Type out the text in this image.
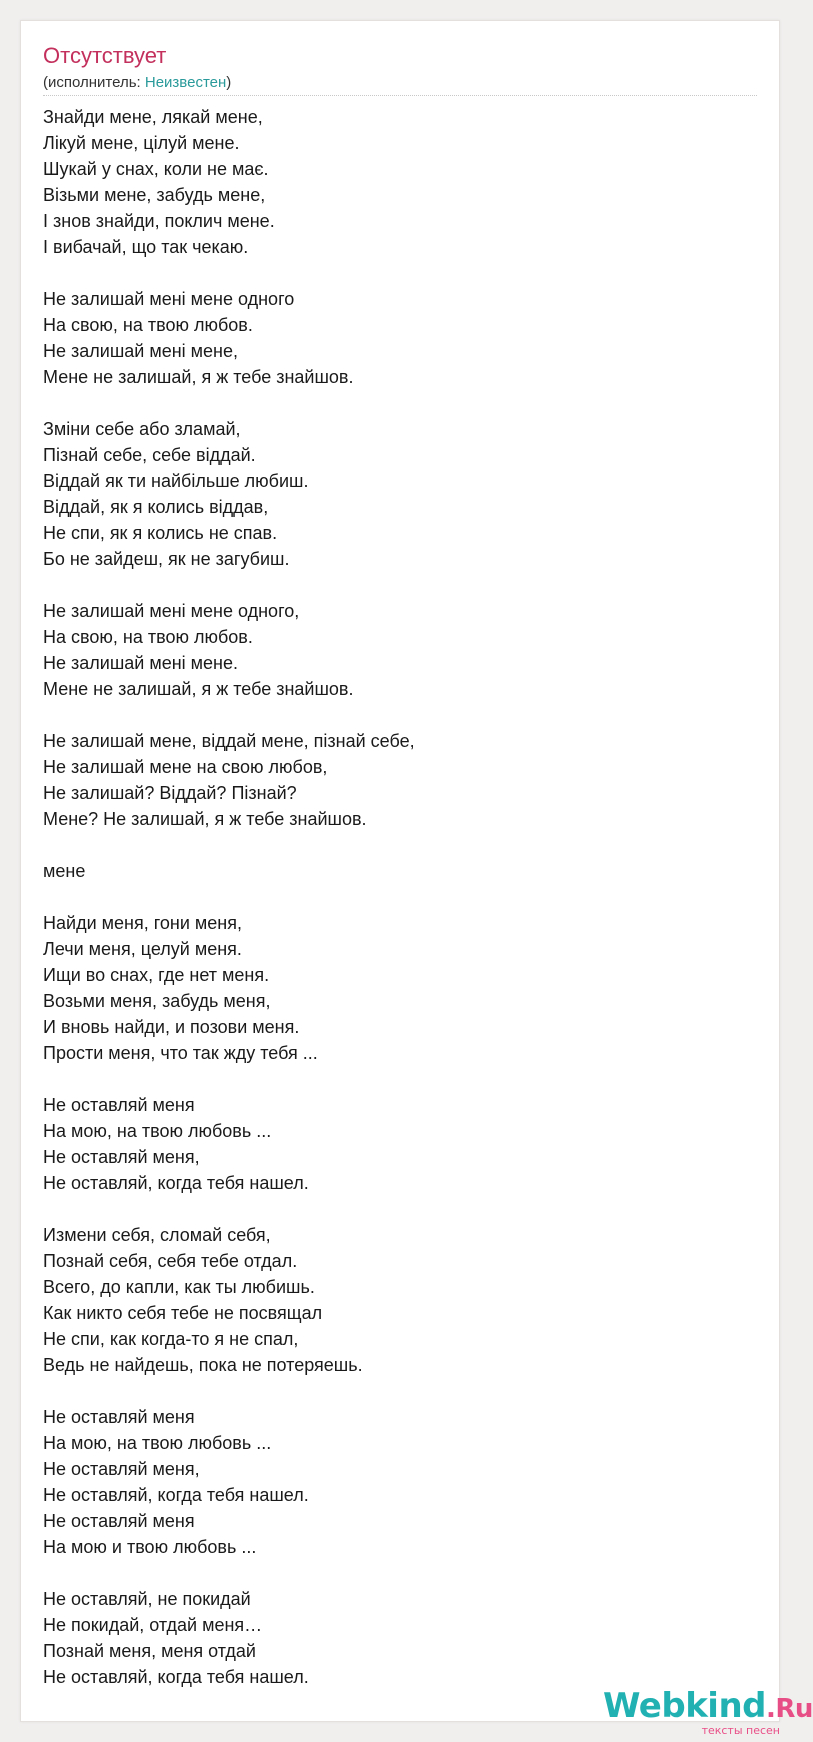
Отсутствует
(исполнитель: Неизвестен)
Знайди мене, лякай мене,
Лікуй мене, цілуй мене.
Шукай у снах, коли не має.
Візьми мене, забудь мене,
І знов знайди, поклич мене.
І вибачай, що так чекаю.
Не залишай мені мене одного
На свою, на твою любов.
Не залишай мені мене,
Мене не залишай, я ж тебе знайшов.
Зміни себе або зламай,
Пізнай себе, себе віддай.
Віддай як ти найбільше любиш.
Віддай, як я колись віддав,
Не спи, як я колись не спав.
Бо не зайдеш, як не загубиш.
Не залишай мені мене одного,
На свою, на твою любов.
Не залишай мені мене.
Мене не залишай, я ж тебе знайшов.
Не залишай мене, віддай мене, пізнай себе,
Не залишай мене на свою любов,
Не залишай? Віддай? Пізнай?
Мене? Не залишай, я ж тебе знайшов.
мене
Найди меня, гони меня,
Лечи меня, целуй меня.
Ищи во снах, где нет меня.
Возьми меня, забудь меня,
И вновь найди, и позови меня.
Прости меня, что так жду тебя ...
Не оставляй меня
На мою, на твою любовь ...
Не оставляй меня,
Не оставляй, когда тебя нашел.
Измени себя, сломай себя,
Познай себя, себя тебе отдал.
Всего, до капли, как ты любишь.
Как никто себя тебе не посвящал
Не спи, как когда-то я не спал,
Ведь не найдешь, пока не потеряешь.
Не оставляй меня
На мою, на твою любовь ...
Не оставляй меня,
Не оставляй, когда тебя нашел.
Не оставляй меня
На мою и твою любовь ...
Не оставляй, не покидай
Не покидай, отдай меня…
Познай меня, меня отдай
Не оставляй, когда тебя нашел.
Webkind.Ru
тексты песен
